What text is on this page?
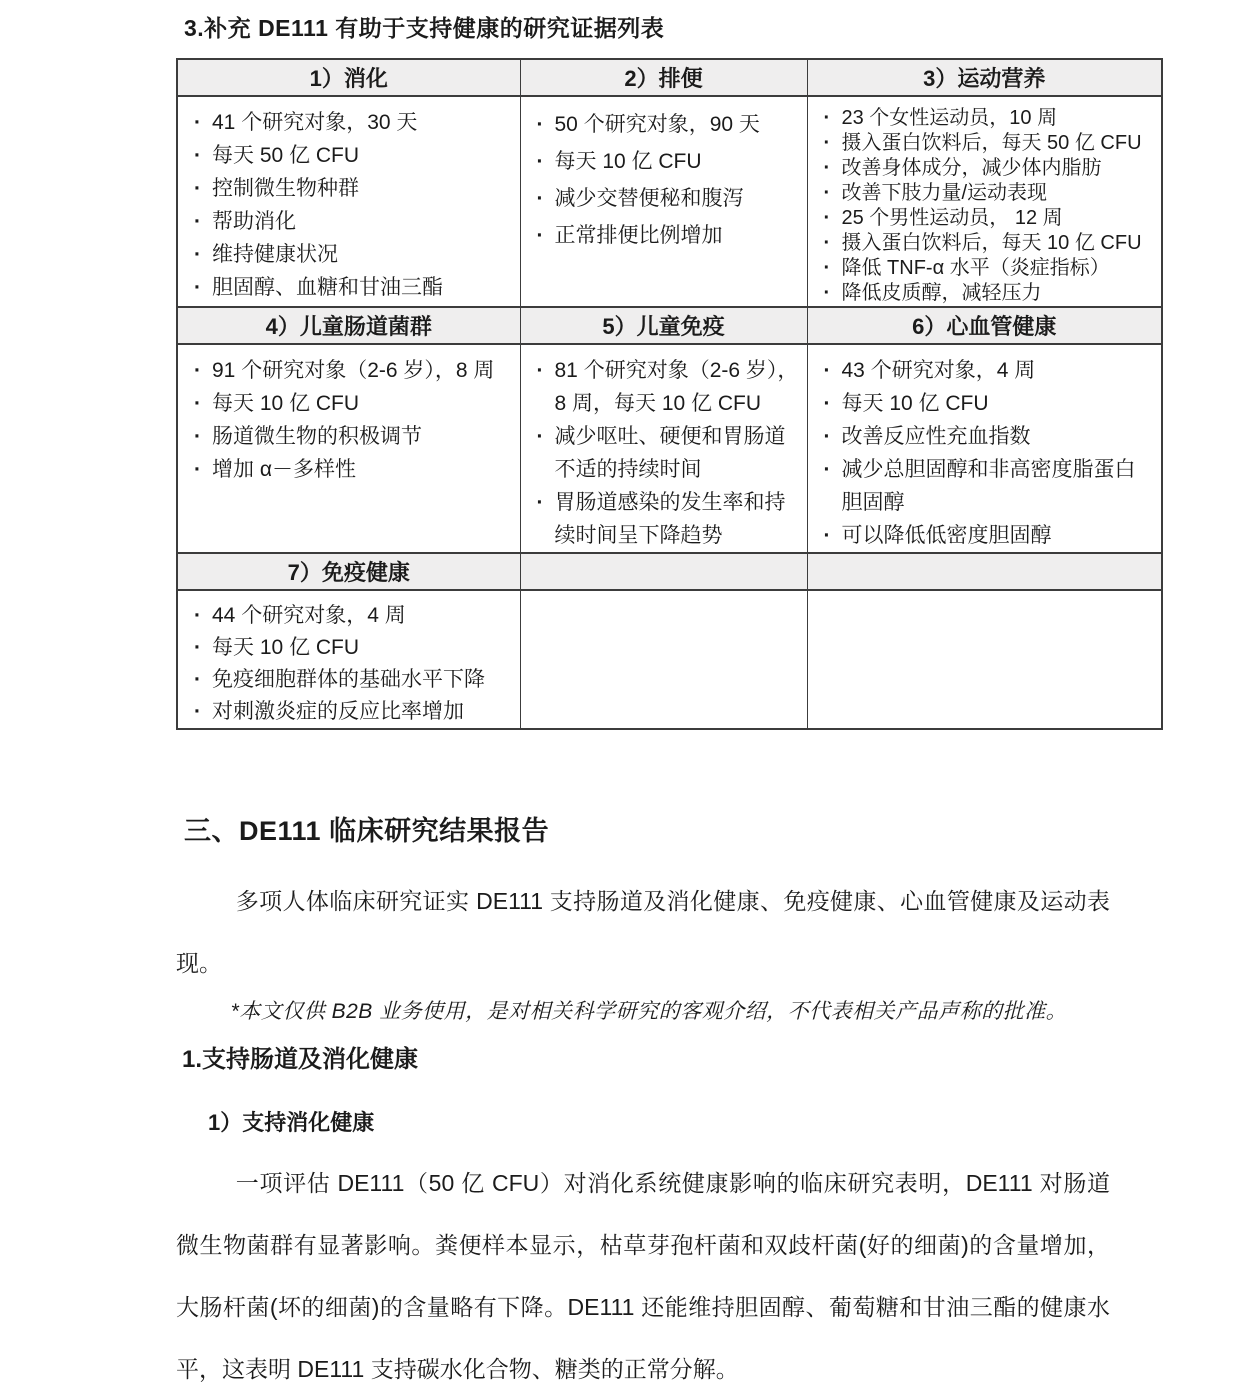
3.补充 DE111 有助于支持健康的研究证据列表
1）消化	2）排便	3）运动营养

· 41 个研究对象，30 天
· 每天 50 亿 CFU
· 控制微生物种群
· 帮助消化
· 维持健康状况
· 胆固醇、血糖和甘油三酯

· 50 个研究对象，90 天
· 每天 10 亿 CFU
· 减少交替便秘和腹泻
· 正常排便比例增加

· 23 个女性运动员，10 周
· 摄入蛋白饮料后，每天 50 亿 CFU
· 改善身体成分，减少体内脂肪
· 改善下肢力量/运动表现
· 25 个男性运动员， 12 周
· 摄入蛋白饮料后，每天 10 亿 CFU
· 降低 TNF-α 水平（炎症指标）
· 降低皮质醇，减轻压力

4）儿童肠道菌群	5）儿童免疫	6）心血管健康

· 91 个研究对象（2-6 岁），8 周
· 每天 10 亿 CFU
· 肠道微生物的积极调节
· 增加 α－多样性

· 81 个研究对象（2-6 岁），8 周，每天 10 亿 CFU
· 减少呕吐、硬便和胃肠道不适的持续时间
· 胃肠道感染的发生率和持续时间呈下降趋势

· 43 个研究对象，4 周
· 每天 10 亿 CFU
· 改善反应性充血指数
· 减少总胆固醇和非高密度脂蛋白胆固醇
· 可以降低低密度胆固醇

7）免疫健康		

· 44 个研究对象，4 周
· 每天 10 亿 CFU
· 免疫细胞群体的基础水平下降
· 对刺激炎症的反应比率增加

三、DE111 临床研究结果报告

多项人体临床研究证实 DE111 支持肠道及消化健康、免疫健康、心血管健康及运动表现。

*本文仅供 B2B 业务使用，是对相关科学研究的客观介绍，不代表相关产品声称的批准。

1.支持肠道及消化健康
1）支持消化健康

一项评估 DE111（50 亿 CFU）对消化系统健康影响的临床研究表明，DE111 对肠道微生物菌群有显著影响。粪便样本显示，枯草芽孢杆菌和双歧杆菌(好的细菌)的含量增加，大肠杆菌(坏的细菌)的含量略有下降。DE111 还能维持胆固醇、葡萄糖和甘油三酯的健康水平，这表明 DE111 支持碳水化合物、糖类的正常分解。
